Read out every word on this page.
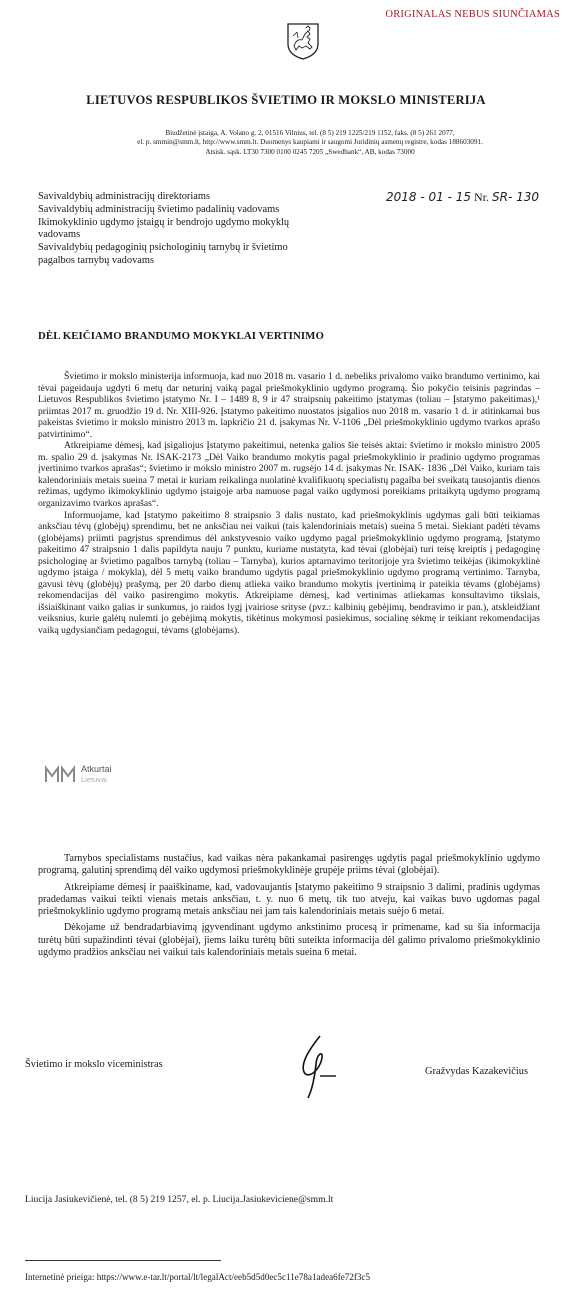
ORIGINALAS NEBUS SIUNČIAMAS
LIETUVOS RESPUBLIKOS ŠVIETIMO IR MOKSLO MINISTERIJA
Biudžetinė įstaiga, A. Volano g. 2, 01516 Vilnius, tel. (8 5) 219 1225/219 1152, faks. (8 5) 261 2077,
el. p. smmin@smm.lt, http://www.smm.lt. Duomenys kaupiami ir saugomi Juridinių asmenų registre, kodas 188603091.
Atsisk. sąsk. LT30 7300 0100 0245 7205 „Swedbank“, AB, kodas 73000
Savivaldybių administracijų direktoriams
Savivaldybių administracijų švietimo padalinių vadovams
Ikimokyklinio ugdymo įstaigų ir bendrojo ugdymo mokyklų vadovams
Savivaldybių pedagoginių psichologinių tarnybų ir švietimo pagalbos tarnybų vadovams
2018 - 01 - 15 Nr. SR- 130
DĖL KEIČIAMO BRANDUMO MOKYKLAI VERTINIMO

Švietimo ir mokslo ministerija informuoja, kad nuo 2018 m. vasario 1 d. nebeliks privalomo vaiko brandumo vertinimo, kai tėvai pageidauja ugdyti 6 metų dar neturinį vaiką pagal priešmokyklinio ugdymo programą. Šio pokyčio teisinis pagrindas – Lietuvos Respublikos švietimo įstatymo Nr. I – 1489 8, 9 ir 47 straipsnių pakeitimo įstatymas (toliau – Įstatymo pakeitimas),¹ priimtas 2017 m. gruodžio 19 d. Nr. XIII-926. Įstatymo pakeitimo nuostatos įsigalios nuo 2018 m. vasario 1 d. ir atitinkamai bus pakeistas švietimo ir mokslo ministro 2013 m. lapkričio 21 d. įsakymas Nr. V-1106 „Dėl priešmokyklinio ugdymo tvarkos aprašo patvirtinimo“.

Atkreipiame dėmesį, kad įsigaliojus Įstatymo pakeitimui, netenka galios šie teisės aktai: švietimo ir mokslo ministro 2005 m. spalio 29 d. įsakymas Nr. ISAK-2173 „Dėl Vaiko brandumo mokytis pagal priešmokyklinio ir pradinio ugdymo programas įvertinimo tvarkos aprašas“; švietimo ir mokslo ministro 2007 m. rugsėjo 14 d. įsakymas Nr. ISAK- 1836 „Dėl Vaiko, kuriam tais kalendoriniais metais sueina 7 metai ir kuriam reikalinga nuolatinė kvalifikuotų specialistų pagalba bei sveikatą tausojantis dienos režimas, ugdymo ikimokyklinio ugdymo įstaigoje arba namuose pagal vaiko ugdymosi poreikiams pritaikytą ugdymo programą organizavimo tvarkos aprašas“.

Informuojame, kad Įstatymo pakeitimo 8 straipsnio 3 dalis nustato, kad priešmokyklinis ugdymas gali būti teikiamas anksčiau tėvų (globėjų) sprendimu, bet ne anksčiau nei vaikui (tais kalendoriniais metais) sueina 5 metai. Siekiant padėti tėvams (globėjams) priimti pagrįstus sprendimus dėl ankstyvesnio vaiko ugdymo pagal priešmokyklinio ugdymo programą, Įstatymo pakeitimo 47 straipsnio 1 dalis papildyta nauju 7 punktu, kuriame nustatyta, kad tėvai (globėjai) turi teisę kreiptis į pedagoginę psichologinę ar švietimo pagalbos tarnybą (toliau – Tarnyba), kurios aptarnavimo teritorijoje yra švietimo teikėjas (ikimokyklinė ugdymo įstaiga / mokykla), dėl 5 metų vaiko brandumo ugdytis pagal priešmokyklinio ugdymo programą vertinimo. Tarnyba, gavusi tėvų (globėjų) prašymą, per 20 darbo dienų atlieka vaiko brandumo mokytis įvertinimą ir pateikia tėvams (globėjams) rekomendacijas dėl vaiko pasirengimo mokytis. Atkreipiame dėmesį, kad vertinimas atliekamas konsultavimo tikslais, išsiaiškinant vaiko galias ir sunkumus, jo raidos lygį įvairiose srityse (pvz.: kalbinių gebėjimų, bendravimo ir pan.), atskleidžiant veiksnius, kurie galėtų nulemti jo gebėjimą mokytis, tikėtinus mokymosi pasiekimus, socialinę sėkmę ir teikiant rekomendacijas vaiką ugdysiančiam pedagogui, tėvams (globėjams).

Atkurtai
Lietuvai

Tarnybos specialistams nustačius, kad vaikas nėra pakankamai pasirengęs ugdytis pagal priešmokyklinio ugdymo programą, galutinį sprendimą dėl vaiko ugdymosi priešmokyklinėje grupėje priims tėvai (globėjai).

Atkreipiame dėmesį ir paaiškiname, kad, vadovaujantis Įstatymo pakeitimo 9 straipsnio 3 dalimi, pradinis ugdymas pradedamas vaikui teikti vienais metais anksčiau, t. y. nuo 6 metų, tik tuo atveju, kai vaikas buvo ugdomas pagal priešmokyklinio ugdymo programą metais anksčiau nei jam tais kalendoriniais metais suėjo 6 metai.

Dėkojame už bendradarbiavimą įgyvendinant ugdymo ankstinimo procesą ir primename, kad su šia informacija turėtų būti supažindinti tėvai (globėjai), jiems laiku turėtų būti suteikta informacija dėl galimo privalomo priešmokyklinio ugdymo pradžios anksčiau nei vaikui tais kalendoriniais metais sueina 6 metai.

Švietimo ir mokslo viceministras
Gražvydas Kazakevičius
Liucija Jasiukevičienė, tel. (8 5) 219 1257, el. p. Liucija.Jasiukeviciene@smm.lt
Internetinė prieiga: https://www.e-tar.lt/portal/lt/legalAct/eeb5d5d0ec5c11e78a1adea6fe72f3c5
